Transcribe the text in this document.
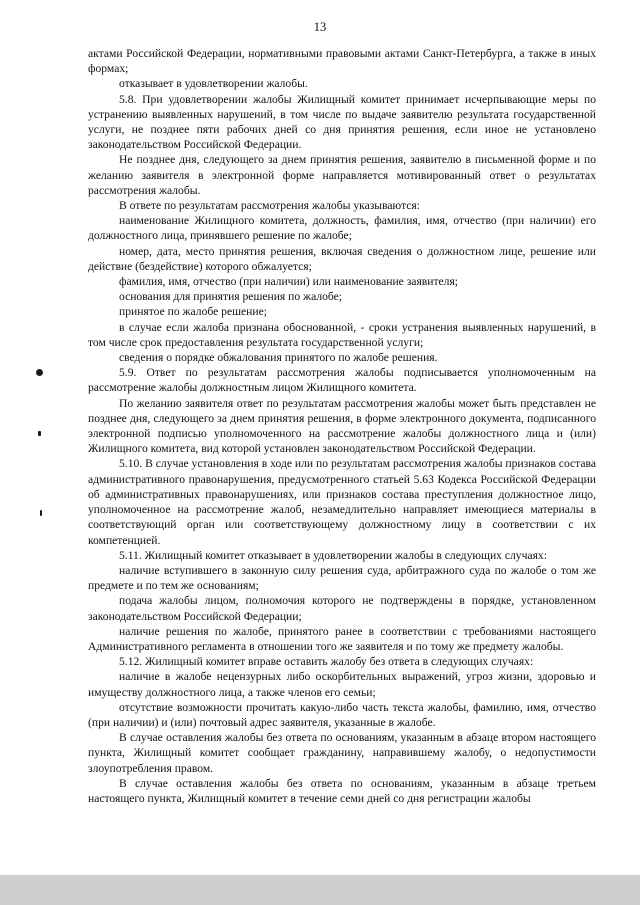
13

актами Российской Федерации, нормативными правовыми актами Санкт-Петербурга, а также в иных формах;

отказывает в удовлетворении жалобы.

5.8. При удовлетворении жалобы Жилищный комитет принимает исчерпывающие меры по устранению выявленных нарушений, в том числе по выдаче заявителю результата государственной услуги, не позднее пяти рабочих дней со дня принятия решения, если иное не установлено законодательством Российской Федерации.

Не позднее дня, следующего за днем принятия решения, заявителю в письменной форме и по желанию заявителя в электронной форме направляется мотивированный ответ о результатах рассмотрения жалобы.

В ответе по результатам рассмотрения жалобы указываются:

наименование Жилищного комитета, должность, фамилия, имя, отчество (при наличии) его должностного лица, принявшего решение по жалобе;

номер, дата, место принятия решения, включая сведения о должностном лице, решение или действие (бездействие) которого обжалуется;

фамилия, имя, отчество (при наличии) или наименование заявителя;

основания для принятия решения по жалобе;

принятое по жалобе решение;

в случае если жалоба признана обоснованной, - сроки устранения выявленных нарушений, в том числе срок предоставления результата государственной услуги;

сведения о порядке обжалования принятого по жалобе решения.

5.9. Ответ по результатам рассмотрения жалобы подписывается уполномоченным на рассмотрение жалобы должностным лицом Жилищного комитета.

По желанию заявителя ответ по результатам рассмотрения жалобы может быть представлен не позднее дня, следующего за днем принятия решения, в форме электронного документа, подписанного электронной подписью уполномоченного на рассмотрение жалобы должностного лица и (или) Жилищного комитета, вид которой установлен законодательством Российской Федерации.

5.10. В случае установления в ходе или по результатам рассмотрения жалобы признаков состава административного правонарушения, предусмотренного статьей 5.63 Кодекса Российской Федерации об административных правонарушениях, или признаков состава преступления должностное лицо, уполномоченное на рассмотрение жалоб, незамедлительно направляет имеющиеся материалы в соответствующий орган или соответствующему должностному лицу в соответствии с их компетенцией.

5.11. Жилищный комитет отказывает в удовлетворении жалобы в следующих случаях:

наличие вступившего в законную силу решения суда, арбитражного суда по жалобе о том же предмете и по тем же основаниям;

подача жалобы лицом, полномочия которого не подтверждены в порядке, установленном законодательством Российской Федерации;

наличие решения по жалобе, принятого ранее в соответствии с требованиями настоящего Административного регламента в отношении того же заявителя и по тому же предмету жалобы.

5.12. Жилищный комитет вправе оставить жалобу без ответа в следующих случаях:

наличие в жалобе нецензурных либо оскорбительных выражений, угроз жизни, здоровью и имуществу должностного лица, а также членов его семьи;

отсутствие возможности прочитать какую-либо часть текста жалобы, фамилию, имя, отчество (при наличии) и (или) почтовый адрес заявителя, указанные в жалобе.

В случае оставления жалобы без ответа по основаниям, указанным в абзаце втором настоящего пункта, Жилищный комитет сообщает гражданину, направившему жалобу, о недопустимости злоупотребления правом.

В случае оставления жалобы без ответа по основаниям, указанным в абзаце третьем настоящего пункта, Жилищный комитет в течение семи дней со дня регистрации жалобы
